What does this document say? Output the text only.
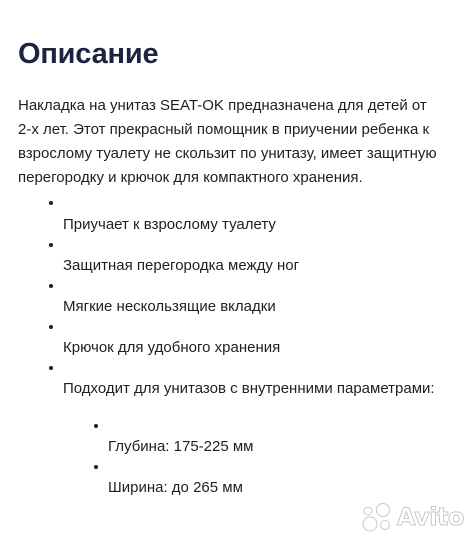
Описание
Накладка на унитаз SEAT-OK предназначена для детей от
2-х лет. Этот прекрасный помощник в приучении ребенка к
взрослому туалету не скользит по унитазу, имеет защитную
перегородку и крючок для компактного хранения.
Приучает к взрослому туалету
Защитная перегородка между ног
Мягкие нескользящие вкладки
Крючок для удобного хранения
Подходит для унитазов с внутренними параметрами:
Глубина: 175-225 мм
Ширина: до 265 мм
Avito
